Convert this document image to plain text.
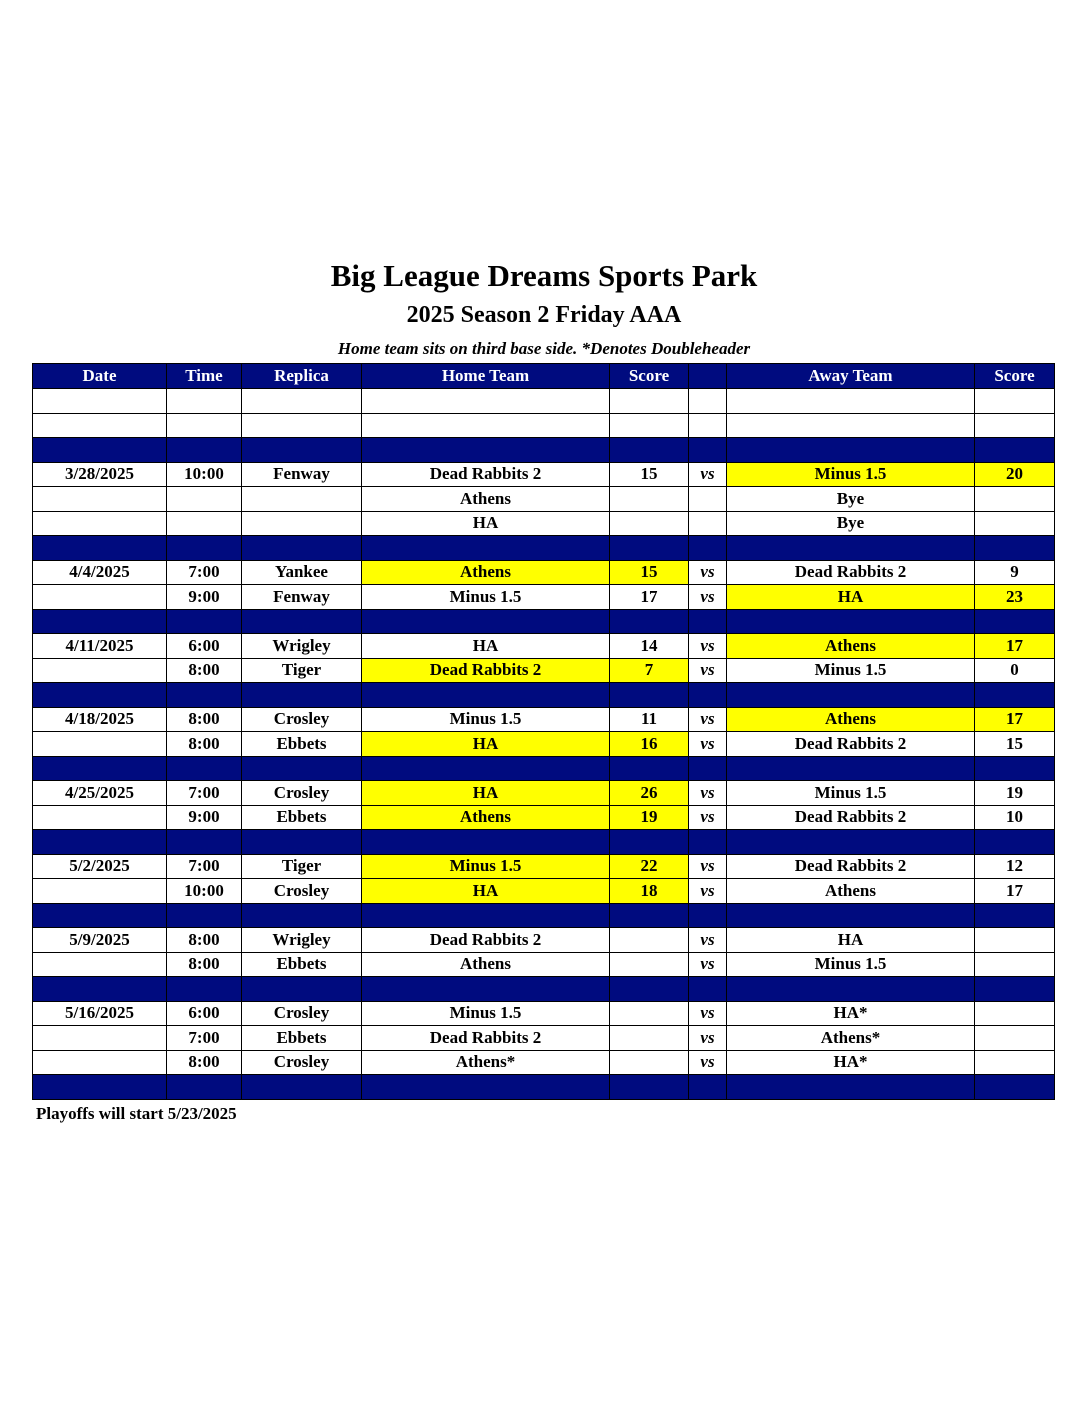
Big League Dreams Sports Park
2025 Season 2 Friday AAA
Home team sits on third base side. *Denotes Doubleheader
Date	Time	Replica	Home Team	Score		Away Team	Score

3/28/2025	10:00	Fenway	Dead Rabbits 2	15	vs	Minus 1.5	20
			Athens			Bye	
			HA			Bye	

4/4/2025	7:00	Yankee	Athens	15	vs	Dead Rabbits 2	9
	9:00	Fenway	Minus 1.5	17	vs	HA	23

4/11/2025	6:00	Wrigley	HA	14	vs	Athens	17
	8:00	Tiger	Dead Rabbits 2	7	vs	Minus 1.5	0

4/18/2025	8:00	Crosley	Minus 1.5	11	vs	Athens	17
	8:00	Ebbets	HA	16	vs	Dead Rabbits 2	15

4/25/2025	7:00	Crosley	HA	26	vs	Minus 1.5	19
	9:00	Ebbets	Athens	19	vs	Dead Rabbits 2	10

5/2/2025	7:00	Tiger	Minus 1.5	22	vs	Dead Rabbits 2	12
	10:00	Crosley	HA	18	vs	Athens	17

5/9/2025	8:00	Wrigley	Dead Rabbits 2		vs	HA	
	8:00	Ebbets	Athens		vs	Minus 1.5	

5/16/2025	6:00	Crosley	Minus 1.5		vs	HA*	
	7:00	Ebbets	Dead Rabbits 2		vs	Athens*	
	8:00	Crosley	Athens*		vs	HA*	

Playoffs will start 5/23/2025
